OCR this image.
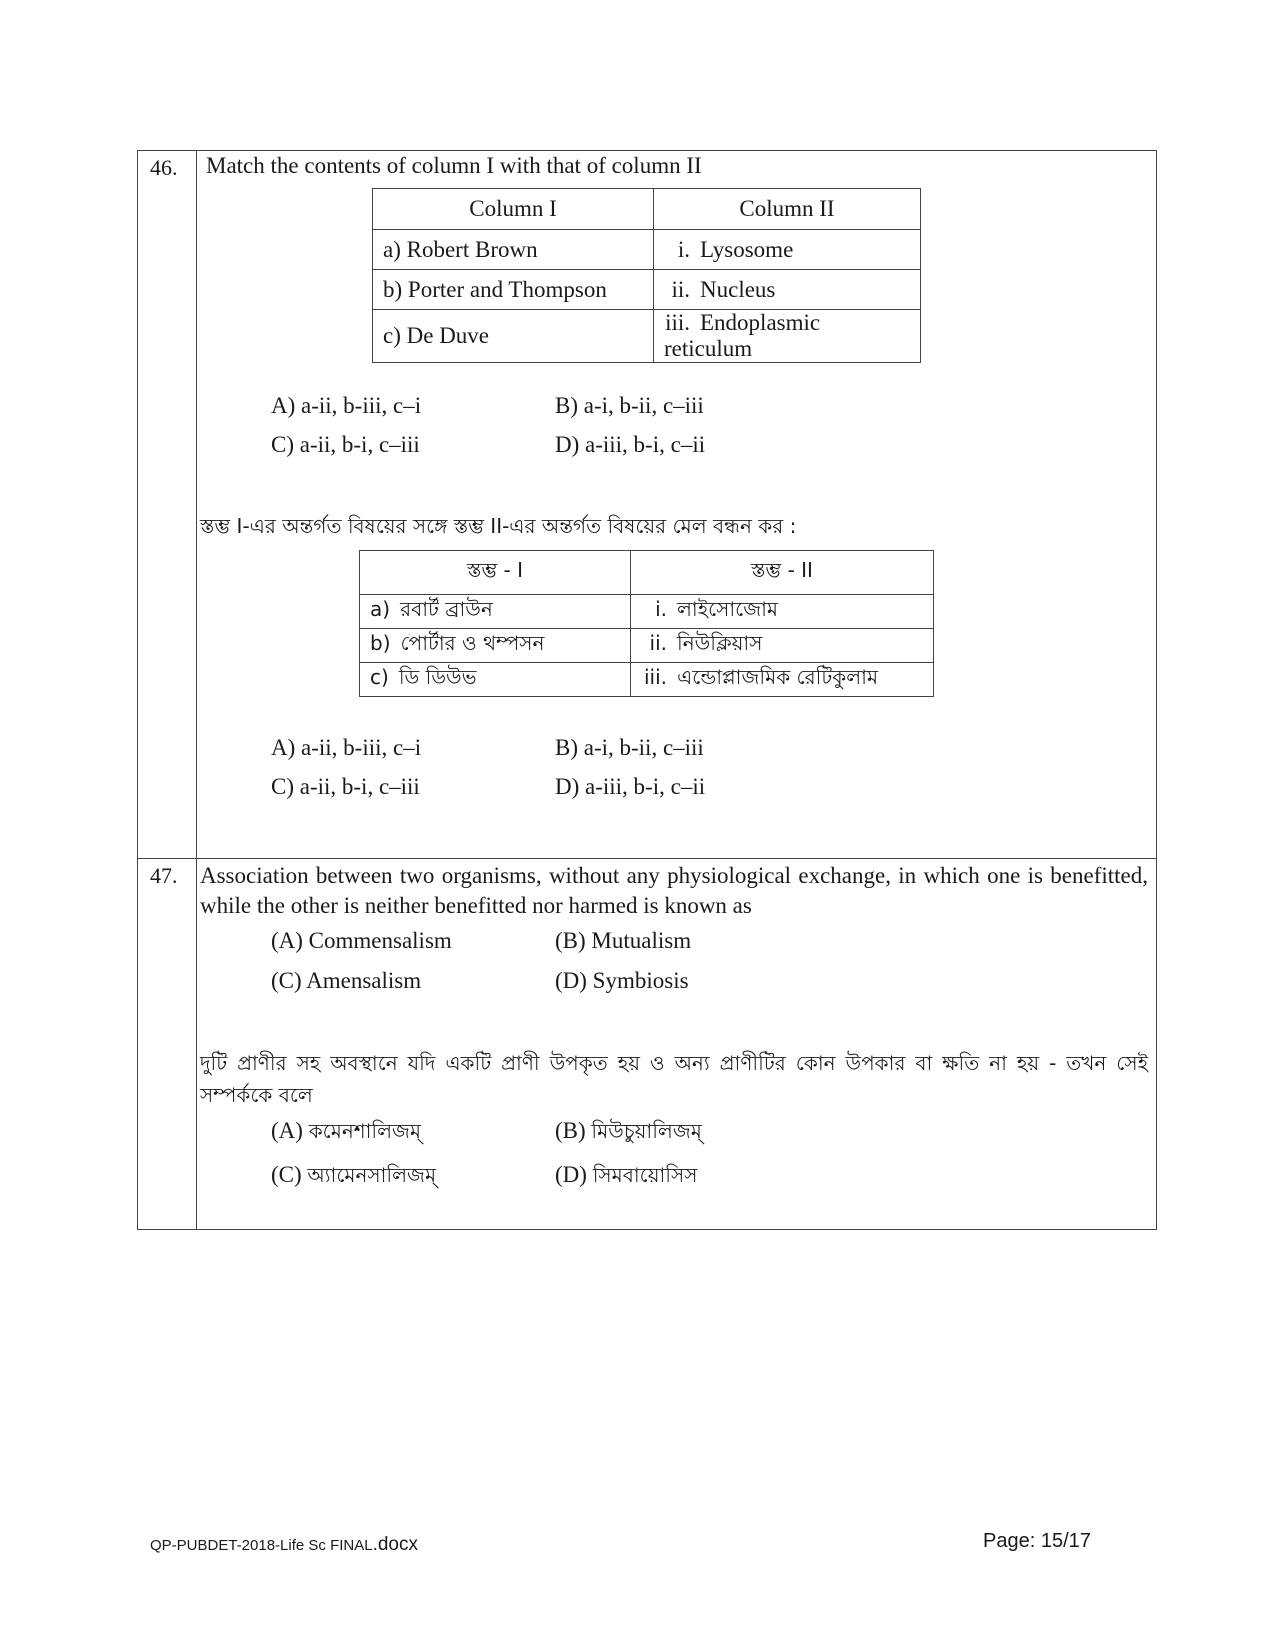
46. Match the contents of column I with that of column II
Column I	Column II
a) Robert Brown	i. Lysosome
b) Porter and Thompson	ii. Nucleus
c) De Duve	iii. Endoplasmic reticulum
A) a-ii, b-iii, c–i	B) a-i, b-ii, c–iii
C) a-ii, b-i, c–iii	D) a-iii, b-i, c–ii
স্তম্ভ I-এর অন্তর্গত বিষয়ের সঙ্গে স্তম্ভ II-এর অন্তর্গত বিষয়ের মেল বন্ধন কর :
স্তম্ভ - I	স্তম্ভ - II
a) রবার্ট ব্রাউন	i. লাইসোজোম
b) পোর্টার ও থম্পসন	ii. নিউক্লিয়াস
c) ডি ডিউভ	iii. এন্ডোপ্লাজমিক রেটিকুলাম
A) a-ii, b-iii, c–i	B) a-i, b-ii, c–iii
C) a-ii, b-i, c–iii	D) a-iii, b-i, c–ii
47. Association between two organisms, without any physiological exchange, in which one is benefitted, while the other is neither benefitted nor harmed is known as
(A) Commensalism	(B) Mutualism
(C) Amensalism	(D) Symbiosis
দুটি প্রাণীর সহ অবস্থানে যদি একটি প্রাণী উপকৃত হয় ও অন্য প্রাণীটির কোন উপকার বা ক্ষতি না হয় - তখন সেই সম্পর্ককে বলে
(A) কমেনশালিজম্	(B) মিউচুয়ালিজম্
(C) অ্যামেনসালিজম্	(D) সিমবায়োসিস
QP-PUBDET-2018-Life Sc FINAL.docx	Page: 15/17
